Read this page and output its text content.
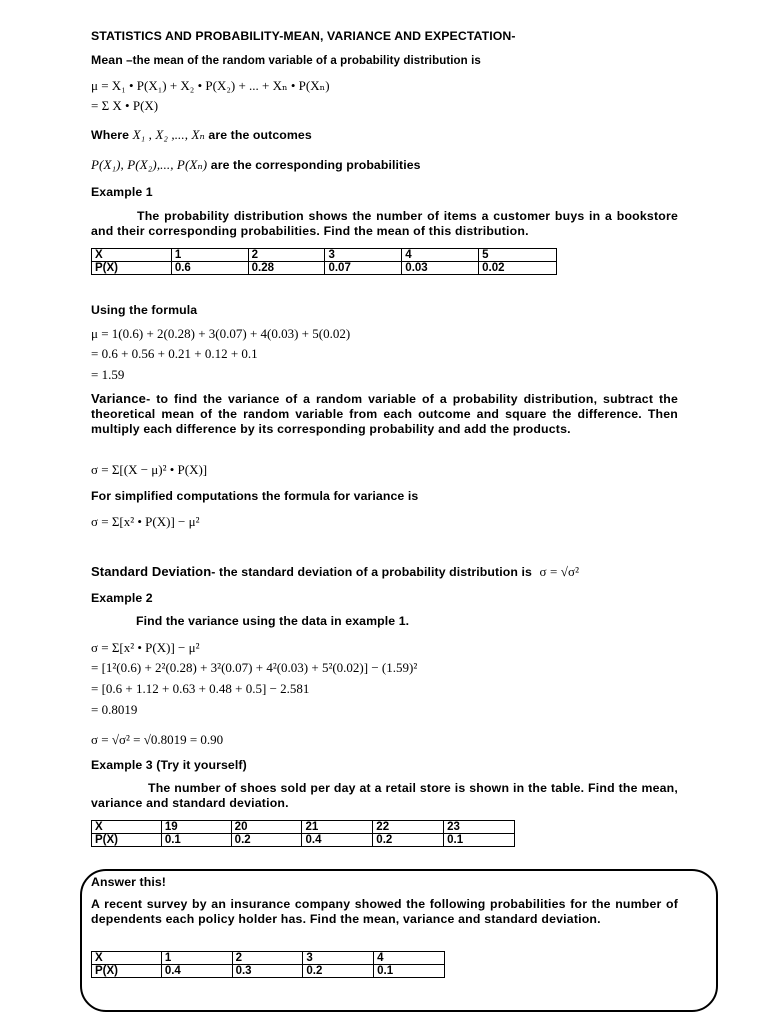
STATISTICS AND PROBABILITY-MEAN, VARIANCE AND EXPECTATION-
Mean –the mean of the random variable of a probability distribution is
μ = X₁ • P(X₁) + X₂ • P(X₂) + ... + Xₙ • P(Xₙ)
= Σ X • P(X)
Where X₁ , X₂ ,..., Xₙ are the outcomes
P(X₁), P(X₂),..., P(Xₙ) are the corresponding probabilities
Example 1
The probability distribution shows the number of items a customer buys in a bookstore and their corresponding probabilities. Find the mean of this distribution.
X	1	2	3	4	5
P(X)	0.6	0.28	0.07	0.03	0.02
Using the formula
μ = 1(0.6) + 2(0.28) + 3(0.07) + 4(0.03) + 5(0.02)
= 0.6 + 0.56 + 0.21 + 0.12 + 0.1
= 1.59
Variance- to find the variance of a random variable of a probability distribution, subtract the theoretical mean of the random variable from each outcome and square the difference. Then multiply each difference by its corresponding probability and add the products.
σ = Σ[(X − μ)² • P(X)]
For simplified computations the formula for variance is
σ = Σ[x² • P(X)] − μ²
Standard Deviation- the standard deviation of a probability distribution is σ = √σ²
Example 2
Find the variance using the data in example 1.
σ = Σ[x² • P(X)] − μ²
= [1²(0.6) + 2²(0.28) + 3²(0.07) + 4²(0.03) + 5²(0.02)] − (1.59)²
= [0.6 + 1.12 + 0.63 + 0.48 + 0.5] − 2.581
= 0.8019
σ = √σ² = √0.8019 = 0.90
Example 3 (Try it yourself)
The number of shoes sold per day at a retail store is shown in the table. Find the mean, variance and standard deviation.
X	19	20	21	22	23
P(X)	0.1	0.2	0.4	0.2	0.1
Answer this!
A recent survey by an insurance company showed the following probabilities for the number of dependents each policy holder has. Find the mean, variance and standard deviation.
X	1	2	3	4
P(X)	0.4	0.3	0.2	0.1
